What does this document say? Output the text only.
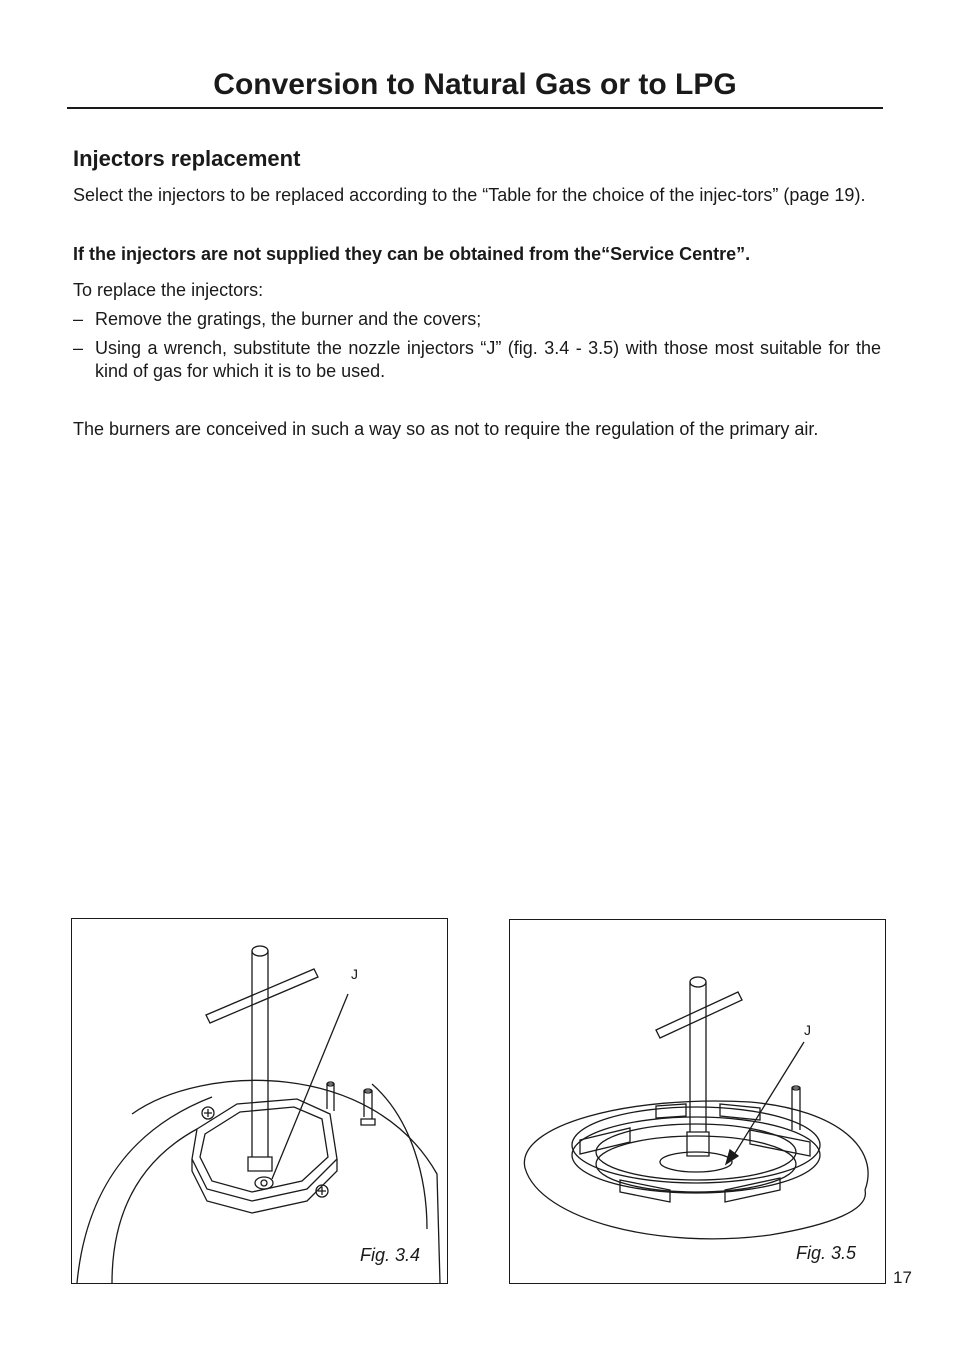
Conversion to Natural Gas or to LPG
Injectors replacement

Select the injectors to be replaced according to the “Table for the choice of the injec-tors” (page 19).

If the injectors are not supplied they can be obtained from the“Service Centre”.

To replace the injectors:

– Remove the gratings, the burner and the covers;
– Using a wrench, substitute the nozzle injectors “J” (fig. 3.4 - 3.5) with those most suitable for the kind of gas for which it is to be used.

The burners are conceived in such a way so as not to require the regulation of the primary air.

J
Fig. 3.4
J
Fig. 3.5
17
